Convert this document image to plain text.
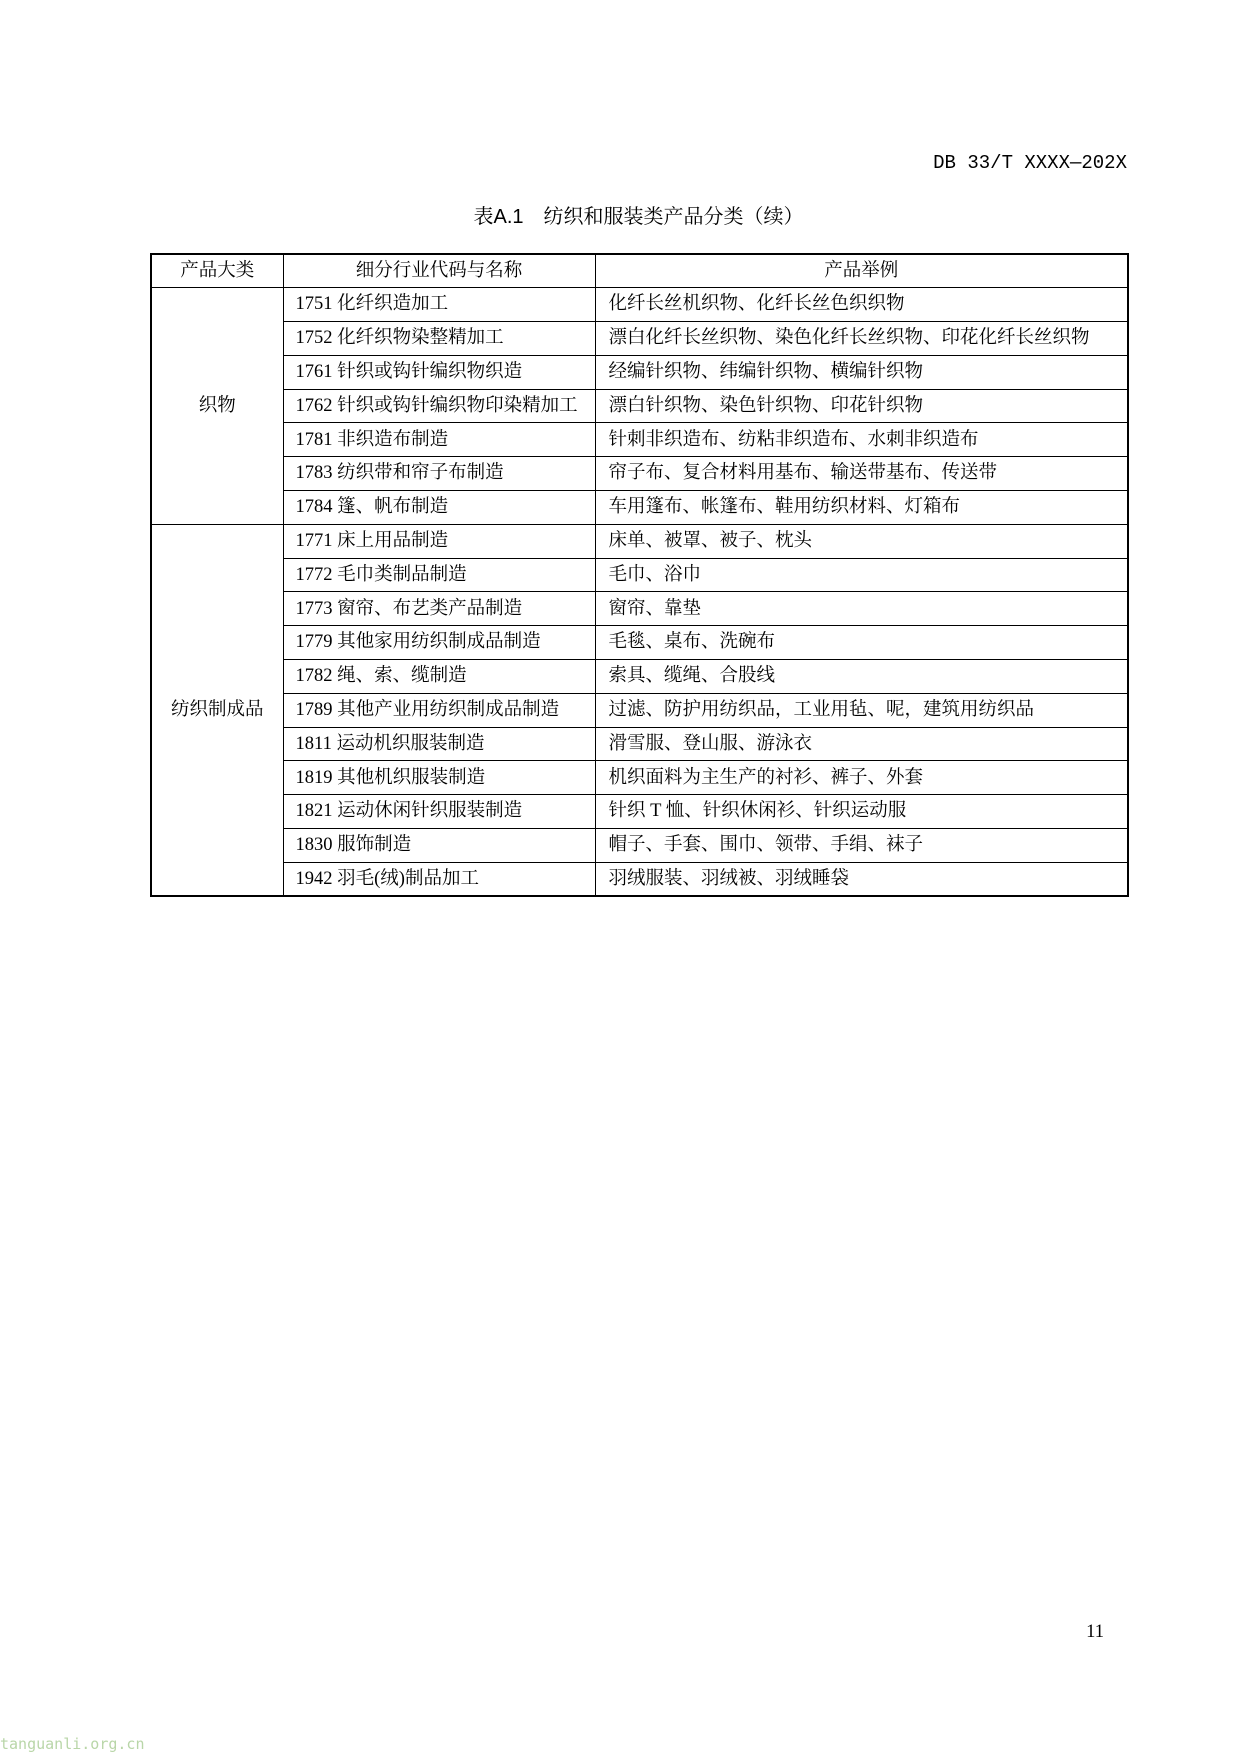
DB 33/T XXXX—202X
表A.1 纺织和服装类产品分类（续）
产品大类	细分行业代码与名称	产品举例
织物	1751 化纤织造加工	化纤长丝机织物、化纤长丝色织织物
	1752 化纤织物染整精加工	漂白化纤长丝织物、染色化纤长丝织物、印花化纤长丝织物
	1761 针织或钩针编织物织造	经编针织物、纬编针织物、横编针织物
	1762 针织或钩针编织物印染精加工	漂白针织物、染色针织物、印花针织物
	1781 非织造布制造	针刺非织造布、纺粘非织造布、水刺非织造布
	1783 纺织带和帘子布制造	帘子布、复合材料用基布、输送带基布、传送带
	1784 篷、帆布制造	车用篷布、帐篷布、鞋用纺织材料、灯箱布
纺织制成品	1771 床上用品制造	床单、被罩、被子、枕头
	1772 毛巾类制品制造	毛巾、浴巾
	1773 窗帘、布艺类产品制造	窗帘、靠垫
	1779 其他家用纺织制成品制造	毛毯、桌布、洗碗布
	1782 绳、索、缆制造	索具、缆绳、合股线
	1789 其他产业用纺织制成品制造	过滤、防护用纺织品，工业用毡、呢，建筑用纺织品
	1811 运动机织服装制造	滑雪服、登山服、游泳衣
	1819 其他机织服装制造	机织面料为主生产的衬衫、裤子、外套
	1821 运动休闲针织服装制造	针织 T 恤、针织休闲衫、针织运动服
	1830 服饰制造	帽子、手套、围巾、领带、手绢、袜子
	1942 羽毛(绒)制品加工	羽绒服装、羽绒被、羽绒睡袋
11
tanguanli.org.cn
